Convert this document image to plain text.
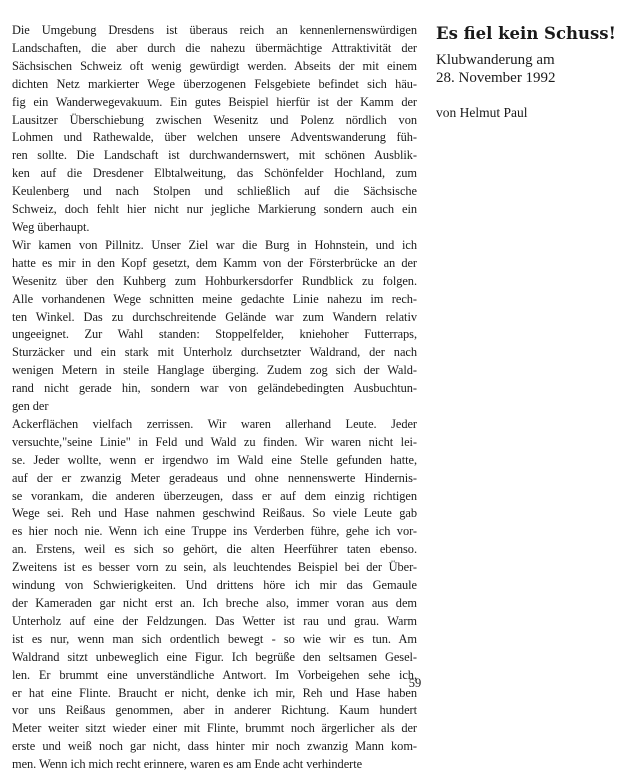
Die Umgebung Dresdens ist überaus reich an kennenlernenswürdigen
Landschaften, die aber durch die nahezu übermächtige Attraktivität der
Sächsischen Schweiz oft wenig gewürdigt werden. Abseits der mit einem
dichten Netz markierter Wege überzogenen Felsgebiete befindet sich häu-
fig ein Wanderwegevakuum. Ein gutes Beispiel hierfür ist der Kamm der
Lausitzer Überschiebung zwischen Wesenitz und Polenz nördlich von
Lohmen und Rathewalde, über welchen unsere Adventswanderung füh-
ren sollte. Die Landschaft ist durchwandernswert, mit schönen Ausblik-
ken auf die Dresdener Elbtalweitung, das Schönfelder Hochland, zum
Keulenberg und nach Stolpen und schließlich auf die Sächsische
Schweiz, doch fehlt hier nicht nur jegliche Markierung sondern auch ein
Weg überhaupt.
Wir kamen von Pillnitz. Unser Ziel war die Burg in Hohnstein, und ich
hatte es mir in den Kopf gesetzt, dem Kamm von der Försterbrücke an der
Wesenitz über den Kuhberg zum Hohburkersdorfer Rundblick zu folgen.
Alle vorhandenen Wege schnitten meine gedachte Linie nahezu im rech-
ten Winkel. Das zu durchschreitende Gelände war zum Wandern relativ
ungeeignet. Zur Wahl standen: Stoppelfelder, kniehoher Futterraps,
Sturzäcker und ein stark mit Unterholz durchsetzter Waldrand, der nach
wenigen Metern in steile Hanglage überging. Zudem zog sich der Wald-
rand nicht gerade hin, sondern war von geländebedingten Ausbuchtun-
gen der
Ackerflächen vielfach zerrissen. Wir waren allerhand Leute. Jeder
versuchte,"seine Linie" in Feld und Wald zu finden. Wir waren nicht lei-
se. Jeder wollte, wenn er irgendwo im Wald eine Stelle gefunden hatte,
auf der er zwanzig Meter geradeaus und ohne nennenswerte Hindernis-
se vorankam, die anderen überzeugen, dass er auf dem einzig richtigen
Wege sei. Reh und Hase nahmen geschwind Reißaus. So viele Leute gab
es hier noch nie. Wenn ich eine Truppe ins Verderben führe, gehe ich vor-
an. Erstens, weil es sich so gehört, die alten Heerführer taten ebenso.
Zweitens ist es besser vorn zu sein, als leuchtendes Beispiel bei der Über-
windung von Schwierigkeiten. Und drittens höre ich mir das Gemaule
der Kameraden gar nicht erst an. Ich breche also, immer voran aus dem
Unterholz auf eine der Feldzungen. Das Wetter ist rau und grau. Warm
ist es nur, wenn man sich ordentlich bewegt - so wie wir es tun. Am
Waldrand sitzt unbeweglich eine Figur. Ich begrüße den seltsamen Gesel-
len. Er brummt eine unverständliche Antwort. Im Vorbeigehen sehe ich,
er hat eine Flinte. Braucht er nicht, denke ich mir, Reh und Hase haben
vor uns Reißaus genommen, aber in anderer Richtung. Kaum hundert
Meter weiter sitzt wieder einer mit Flinte, brummt noch ärgerlicher als der
erste und weiß noch gar nicht, dass hinter mir noch zwanzig Mann kom-
men. Wenn ich mich recht erinnere, waren es am Ende acht verhinderte
Es fiel kein Schuss!
Klubwanderung am
28. November 1992
von Helmut Paul
59
